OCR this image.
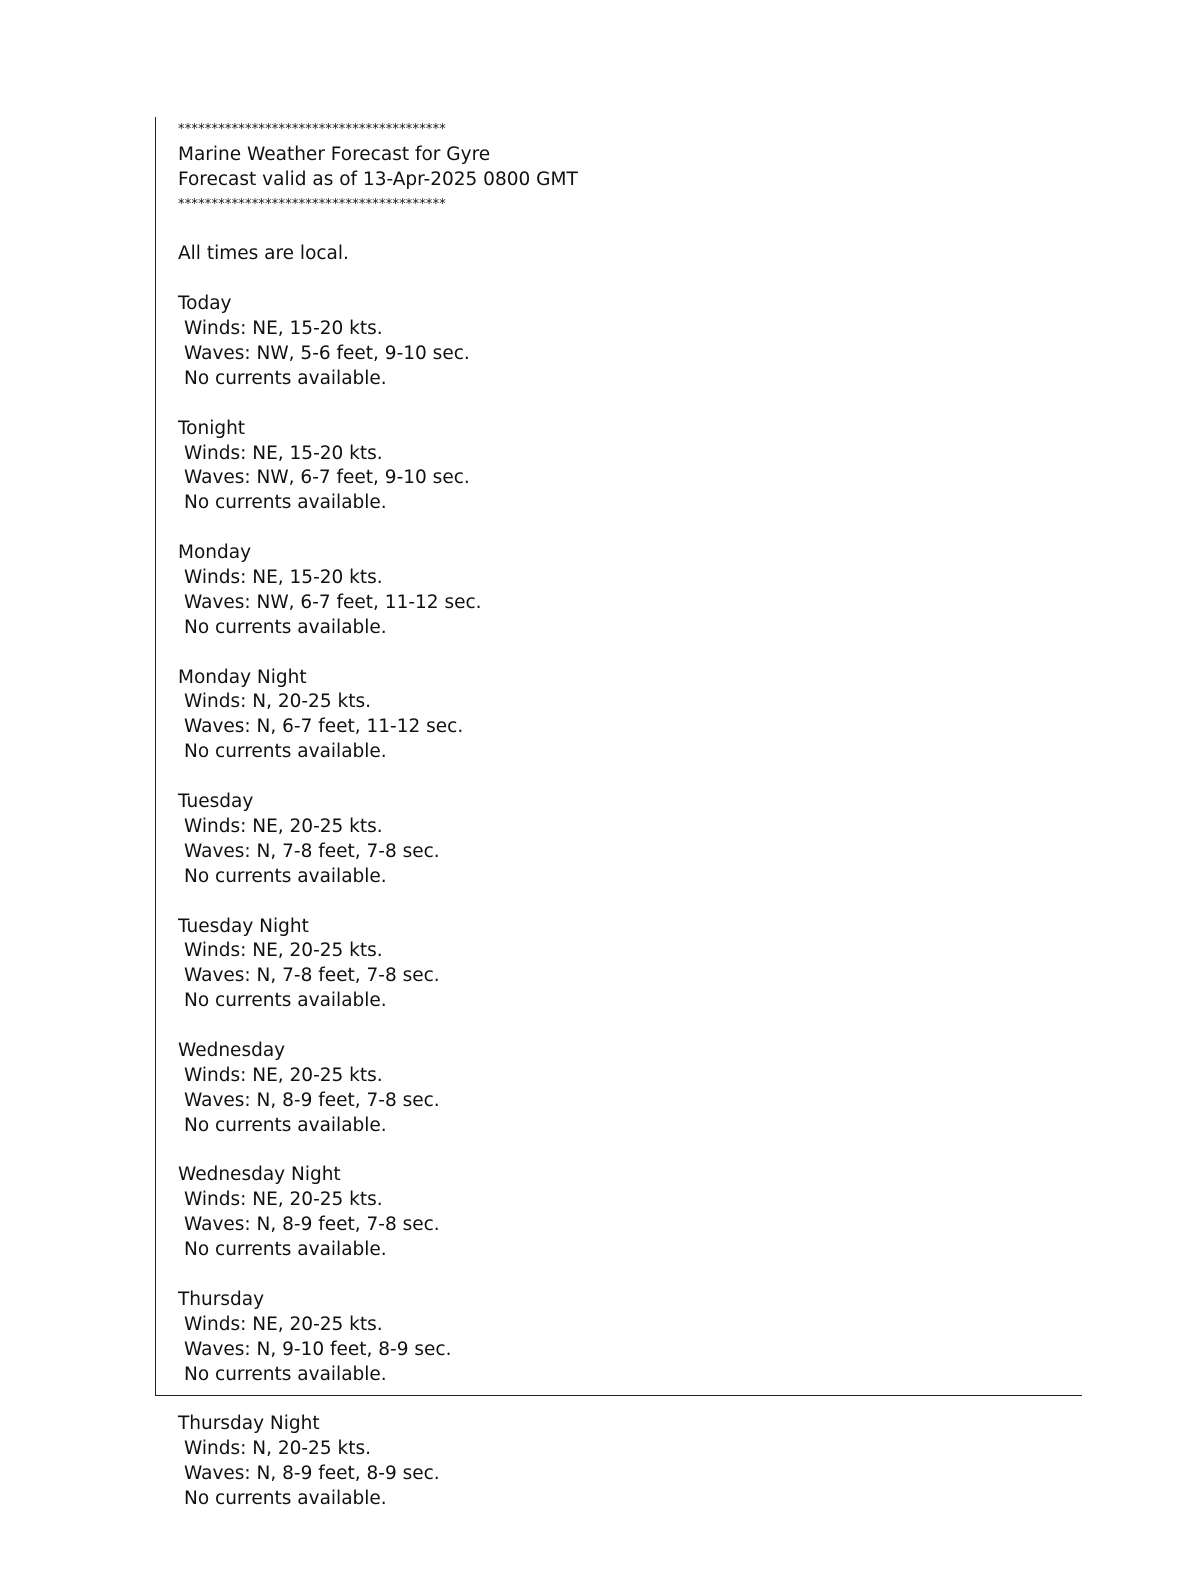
****************************************
Marine Weather Forecast for Gyre
Forecast valid as of 13-Apr-2025 0800 GMT
****************************************
All times are local.
Today
Winds: NE, 15-20 kts.
Waves: NW, 5-6 feet, 9-10 sec.
No currents available.
Tonight
Winds: NE, 15-20 kts.
Waves: NW, 6-7 feet, 9-10 sec.
No currents available.
Monday
Winds: NE, 15-20 kts.
Waves: NW, 6-7 feet, 11-12 sec.
No currents available.
Monday Night
Winds: N, 20-25 kts.
Waves: N, 6-7 feet, 11-12 sec.
No currents available.
Tuesday
Winds: NE, 20-25 kts.
Waves: N, 7-8 feet, 7-8 sec.
No currents available.
Tuesday Night
Winds: NE, 20-25 kts.
Waves: N, 7-8 feet, 7-8 sec.
No currents available.
Wednesday
Winds: NE, 20-25 kts.
Waves: N, 8-9 feet, 7-8 sec.
No currents available.
Wednesday Night
Winds: NE, 20-25 kts.
Waves: N, 8-9 feet, 7-8 sec.
No currents available.
Thursday
Winds: NE, 20-25 kts.
Waves: N, 9-10 feet, 8-9 sec.
No currents available.
Thursday Night
Winds: N, 20-25 kts.
Waves: N, 8-9 feet, 8-9 sec.
No currents available.
